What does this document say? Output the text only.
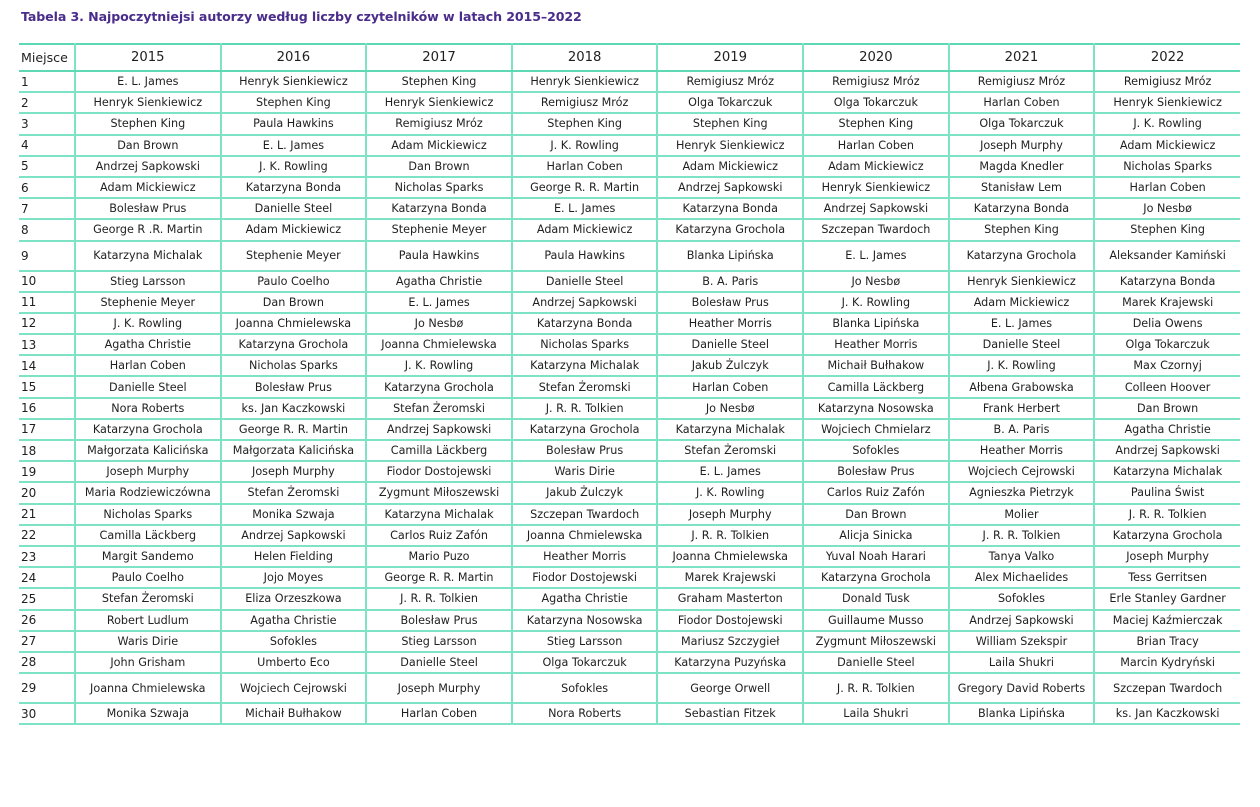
Tabela 3. Najpoczytniejsi autorzy według liczby czytelników w latach 2015–2022
Miejsce	2015	2016	2017	2018	2019	2020	2021	2022
1	E. L. James	Henryk Sienkiewicz	Stephen King	Henryk Sienkiewicz	Remigiusz Mróz	Remigiusz Mróz	Remigiusz Mróz	Remigiusz Mróz
2	Henryk Sienkiewicz	Stephen King	Henryk Sienkiewicz	Remigiusz Mróz	Olga Tokarczuk	Olga Tokarczuk	Harlan Coben	Henryk Sienkiewicz
3	Stephen King	Paula Hawkins	Remigiusz Mróz	Stephen King	Stephen King	Stephen King	Olga Tokarczuk	J. K. Rowling
4	Dan Brown	E. L. James	Adam Mickiewicz	J. K. Rowling	Henryk Sienkiewicz	Harlan Coben	Joseph Murphy	Adam Mickiewicz
5	Andrzej Sapkowski	J. K. Rowling	Dan Brown	Harlan Coben	Adam Mickiewicz	Adam Mickiewicz	Magda Knedler	Nicholas Sparks
6	Adam Mickiewicz	Katarzyna Bonda	Nicholas Sparks	George R. R. Martin	Andrzej Sapkowski	Henryk Sienkiewicz	Stanisław Lem	Harlan Coben
7	Bolesław Prus	Danielle Steel	Katarzyna Bonda	E. L. James	Katarzyna Bonda	Andrzej Sapkowski	Katarzyna Bonda	Jo Nesbø
8	George R .R. Martin	Adam Mickiewicz	Stephenie Meyer	Adam Mickiewicz	Katarzyna Grochola	Szczepan Twardoch	Stephen King	Stephen King
9	Katarzyna Michalak	Stephenie Meyer	Paula Hawkins	Paula Hawkins	Blanka Lipińska	E. L. James	Katarzyna Grochola	Aleksander Kamiński
10	Stieg Larsson	Paulo Coelho	Agatha Christie	Danielle Steel	B. A. Paris	Jo Nesbø	Henryk Sienkiewicz	Katarzyna Bonda
11	Stephenie Meyer	Dan Brown	E. L. James	Andrzej Sapkowski	Bolesław Prus	J. K. Rowling	Adam Mickiewicz	Marek Krajewski
12	J. K. Rowling	Joanna Chmielewska	Jo Nesbø	Katarzyna Bonda	Heather Morris	Blanka Lipińska	E. L. James	Delia Owens
13	Agatha Christie	Katarzyna Grochola	Joanna Chmielewska	Nicholas Sparks	Danielle Steel	Heather Morris	Danielle Steel	Olga Tokarczuk
14	Harlan Coben	Nicholas Sparks	J. K. Rowling	Katarzyna Michalak	Jakub Żulczyk	Michaił Bułhakow	J. K. Rowling	Max Czornyj
15	Danielle Steel	Bolesław Prus	Katarzyna Grochola	Stefan Żeromski	Harlan Coben	Camilla Läckberg	Ałbena Grabowska	Colleen Hoover
16	Nora Roberts	ks. Jan Kaczkowski	Stefan Żeromski	J. R. R. Tolkien	Jo Nesbø	Katarzyna Nosowska	Frank Herbert	Dan Brown
17	Katarzyna Grochola	George R. R. Martin	Andrzej Sapkowski	Katarzyna Grochola	Katarzyna Michalak	Wojciech Chmielarz	B. A. Paris	Agatha Christie
18	Małgorzata Kalicińska	Małgorzata Kalicińska	Camilla Läckberg	Bolesław Prus	Stefan Żeromski	Sofokles	Heather Morris	Andrzej Sapkowski
19	Joseph Murphy	Joseph Murphy	Fiodor Dostojewski	Waris Dirie	E. L. James	Bolesław Prus	Wojciech Cejrowski	Katarzyna Michalak
20	Maria Rodziewiczówna	Stefan Żeromski	Zygmunt Miłoszewski	Jakub Żulczyk	J. K. Rowling	Carlos Ruiz Zafón	Agnieszka Pietrzyk	Paulina Świst
21	Nicholas Sparks	Monika Szwaja	Katarzyna Michalak	Szczepan Twardoch	Joseph Murphy	Dan Brown	Molier	J. R. R. Tolkien
22	Camilla Läckberg	Andrzej Sapkowski	Carlos Ruiz Zafón	Joanna Chmielewska	J. R. R. Tolkien	Alicja Sinicka	J. R. R. Tolkien	Katarzyna Grochola
23	Margit Sandemo	Helen Fielding	Mario Puzo	Heather Morris	Joanna Chmielewska	Yuval Noah Harari	Tanya Valko	Joseph Murphy
24	Paulo Coelho	Jojo Moyes	George R. R. Martin	Fiodor Dostojewski	Marek Krajewski	Katarzyna Grochola	Alex Michaelides	Tess Gerritsen
25	Stefan Żeromski	Eliza Orzeszkowa	J. R. R. Tolkien	Agatha Christie	Graham Masterton	Donald Tusk	Sofokles	Erle Stanley Gardner
26	Robert Ludlum	Agatha Christie	Bolesław Prus	Katarzyna Nosowska	Fiodor Dostojewski	Guillaume Musso	Andrzej Sapkowski	Maciej Kaźmierczak
27	Waris Dirie	Sofokles	Stieg Larsson	Stieg Larsson	Mariusz Szczygieł	Zygmunt Miłoszewski	William Szekspir	Brian Tracy
28	John Grisham	Umberto Eco	Danielle Steel	Olga Tokarczuk	Katarzyna Puzyńska	Danielle Steel	Laila Shukri	Marcin Kydryński
29	Joanna Chmielewska	Wojciech Cejrowski	Joseph Murphy	Sofokles	George Orwell	J. R. R. Tolkien	Gregory David Roberts	Szczepan Twardoch
30	Monika Szwaja	Michaił Bułhakow	Harlan Coben	Nora Roberts	Sebastian Fitzek	Laila Shukri	Blanka Lipińska	ks. Jan Kaczkowski
